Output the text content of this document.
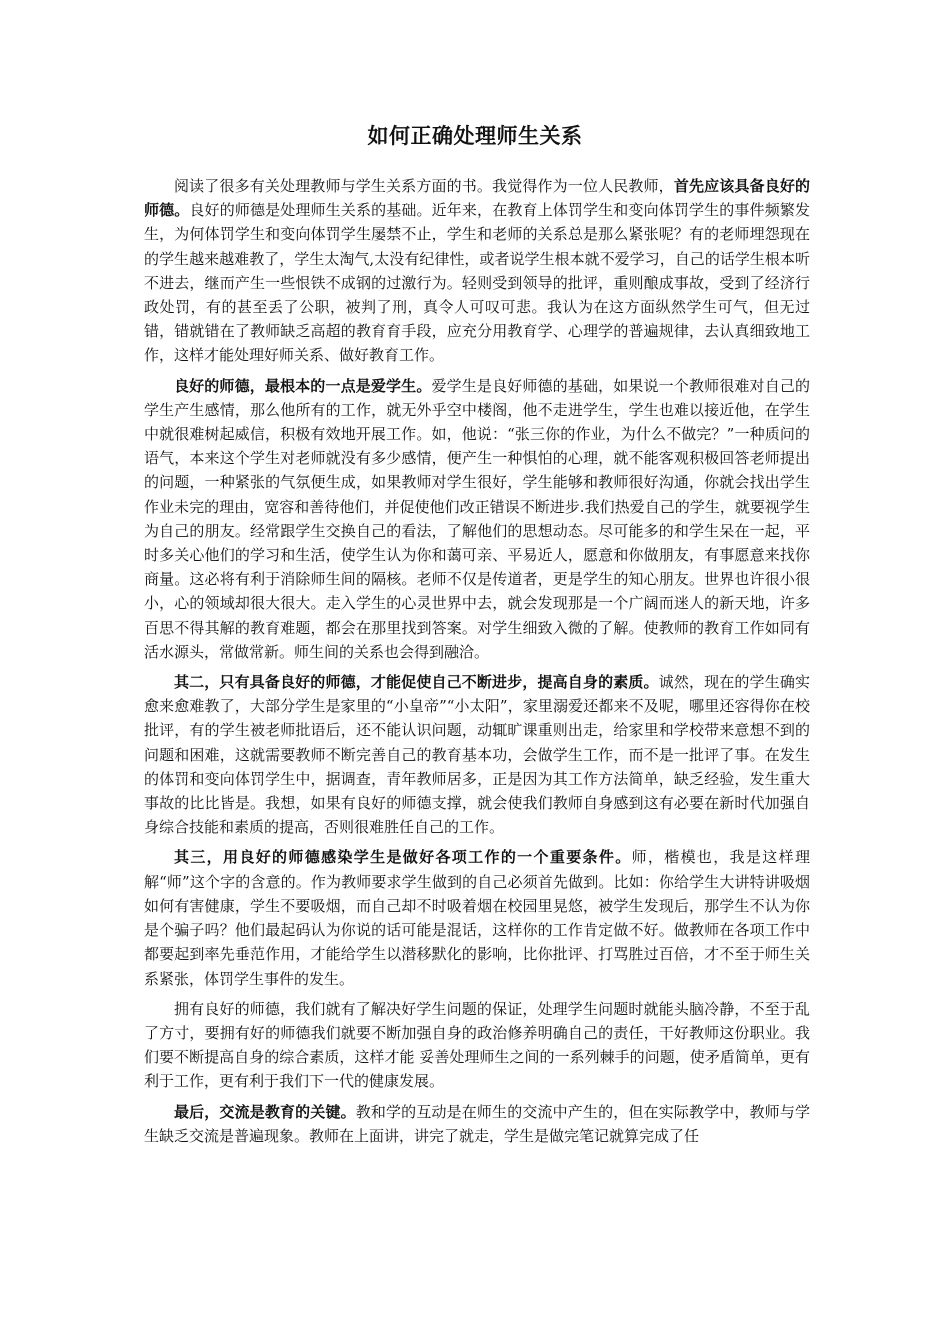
如何正确处理师生关系

阅读了很多有关处理教师与学生关系方面的书。我觉得作为一位人民教师，首先应该具备良好的师德。良好的师德是处理师生关系的基础。近年来，在教育上体罚学生和变向体罚学生的事件频繁发生，为何体罚学生和变向体罚学生屡禁不止，学生和老师的关系总是那么紧张呢？有的老师埋怨现在的学生越来越难教了，学生太淘气,太没有纪律性，或者说学生根本就不爱学习，自己的话学生根本听不进去，继而产生一些恨铁不成钢的过激行为。轻则受到领导的批评，重则酿成事故，受到了经济行政处罚，有的甚至丢了公职，被判了刑，真令人可叹可悲。我认为在这方面纵然学生可气，但无过错，错就错在了教师缺乏高超的教育育手段，应充分用教育学、心理学的普遍规律，去认真细致地工作，这样才能处理好师关系、做好教育工作。

良好的师德，最根本的一点是爱学生。爱学生是良好师德的基础，如果说一个教师很难对自己的学生产生感情，那么他所有的工作，就无外乎空中楼阁，他不走进学生，学生也难以接近他，在学生中就很难树起威信，积极有效地开展工作。如，他说：“张三你的作业，为什么不做完？”一种质问的语气，本来这个学生对老师就没有多少感情，便产生一种惧怕的心理，就不能客观积极回答老师提出的问题，一种紧张的气氛便生成，如果教师对学生很好，学生能够和教师很好沟通，你就会找出学生作业未完的理由，宽容和善待他们，并促使他们改正错误不断进步.我们热爱自己的学生，就要视学生为自己的朋友。经常跟学生交换自己的看法，了解他们的思想动态。尽可能多的和学生呆在一起，平时多关心他们的学习和生活，使学生认为你和蔼可亲、平易近人，愿意和你做朋友，有事愿意来找你商量。这必将有利于消除师生间的隔核。老师不仅是传道者，更是学生的知心朋友。世界也许很小很小，心的领域却很大很大。走入学生的心灵世界中去，就会发现那是一个广阔而迷人的新天地，许多百思不得其解的教育难题，都会在那里找到答案。对学生细致入微的了解。使教师的教育工作如同有活水源头，常做常新。师生间的关系也会得到融洽。

其二，只有具备良好的师德，才能促使自己不断进步，提高自身的素质。诚然，现在的学生确实愈来愈难教了，大部分学生是家里的“小皇帝”“小太阳”，家里溺爱还都来不及呢，哪里还容得你在校批评，有的学生被老师批语后，还不能认识问题，动辄旷课重则出走，给家里和学校带来意想不到的问题和困难，这就需要教师不断完善自己的教育基本功，会做学生工作，而不是一批评了事。在发生的体罚和变向体罚学生中，据调查，青年教师居多，正是因为其工作方法简单，缺乏经验，发生重大事故的比比皆是。我想，如果有良好的师德支撑，就会使我们教师自身感到这有必要在新时代加强自身综合技能和素质的提高，否则很难胜任自己的工作。

其三，用良好的师德感染学生是做好各项工作的一个重要条件。师，楷模也，我是这样理解“师”这个字的含意的。作为教师要求学生做到的自己必须首先做到。比如：你给学生大讲特讲吸烟如何有害健康，学生不要吸烟，而自己却不时吸着烟在校园里晃悠，被学生发现后，那学生不认为你是个骗子吗？他们最起码认为你说的话可能是混话，这样你的工作肯定做不好。做教师在各项工作中都要起到率先垂范作用，才能给学生以潜移默化的影响，比你批评、打骂胜过百倍，才不至于师生关系紧张，体罚学生事件的发生。

拥有良好的师德，我们就有了解决好学生问题的保证，处理学生问题时就能头脑冷静，不至于乱了方寸，要拥有好的师德我们就要不断加强自身的政治修养明确自己的责任，干好教师这份职业。我们要不断提高自身的综合素质，这样才能 妥善处理师生之间的一系列棘手的问题，使矛盾简单，更有利于工作，更有利于我们下一代的健康发展。

最后，交流是教育的关键。教和学的互动是在师生的交流中产生的，但在实际教学中，教师与学生缺乏交流是普遍现象。教师在上面讲，讲完了就走，学生是做完笔记就算完成了任
